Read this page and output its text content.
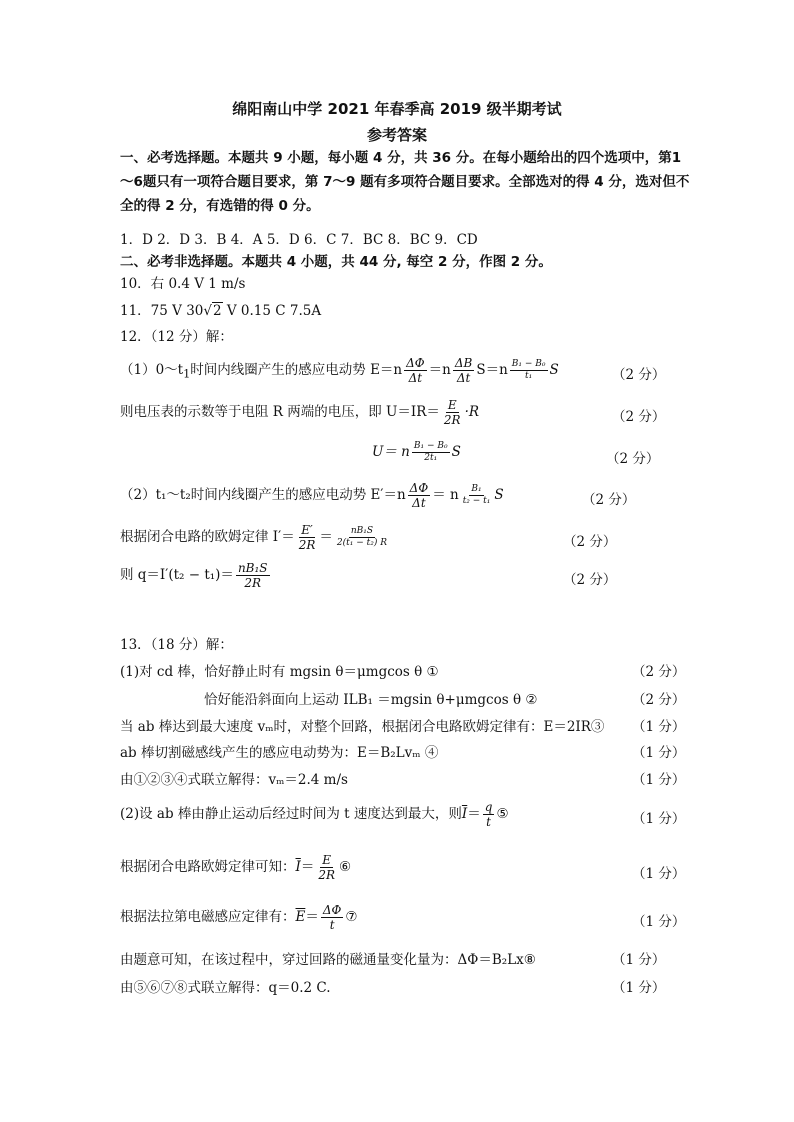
绵阳南山中学 2021 年春季高 2019 级半期考试
参考答案
一、必考选择题。本题共 9 小题，每小题 4 分，共 36 分。在每小题给出的四个选项中，第1～6题只有一项符合题目要求，第 7～9 题有多项符合题目要求。全部选对的得 4 分，选对但不全的得 2 分，有选错的得 0 分。
1．D 2．D 3．B 4．A 5．D 6．C 7．BC 8．BC 9．CD
二、必考非选择题。本题共 4 小题，共 44 分, 每空 2 分，作图 2 分。
10．右 0.4 V 1 m/s
11．75 V 30√2 V 0.15 C 7.5A
12．（12 分）解：
$(1)0\sim t_1$时间内线圈产生的感应电动势 $E=n \frac{\Delta\Phi}{\Delta t} =n \frac{\Delta B}{\Delta t} S=n \frac{\text{B₁ − B₀}}{\text{t₁}}$ S	（2 分）
则电压表的示数等于电阻 R 两端的电压，即 $U=IR= \frac{E}{2R} \cdot R$	（2 分）
U＝ n $\frac{\text{B₁ − B₀}}{\text{2t₁}}$ S	（2 分）
（2）t₁～t₂时间内线圈产生的感应电动势 $E'=n \frac{\Delta\Phi}{\Delta t} = n \frac{\text{B₁}}{\text{t₂ − t₁}}$ S	（2 分）
根据闭合电路的欧姆定律 $I'= \frac{E'}{2R} = \frac{\text{nB₁S}}{\text{2(t₁ − t₂) R}}$	（2 分）
则 $q=I'(t_2 - t_1)= \frac{\text{nB₁S}}{2R}$	（2 分）
13．（18 分）解：
(1)对 cd 棒，恰好静止时有 mgsin θ＝μmgcos θ ①	（2 分）
恰好能沿斜面向上运动 ILB₁ ＝mgsin θ+μmgcos θ ②	（2 分）
当 ab 棒达到最大速度 vₘ时，对整个回路，根据闭合电路欧姆定律有：E＝2IR③ （1 分）
ab 棒切割磁感线产生的感应电动势为：E＝B₂Lvₘ ④	（1 分）
由①②③④式联立解得：vₘ＝2.4 m/s	（1 分）
(2)设 ab 棒由静止运动后经过时间为 t 速度达到最大，则$\overline{I}= \frac{q}{t}$ ⑤	（1 分）
根据闭合电路欧姆定律可知：$\overline{I}= \frac{E}{2R}$ ⑥	（1 分）
根据法拉第电磁感应定律有：$\overline{E}= \frac{\Delta\Phi}{t}$ ⑦	（1 分）
由题意可知，在该过程中，穿过回路的磁通量变化量为：ΔΦ＝B₂Lx⑧	（1 分）
由⑤⑥⑦⑧式联立解得：q＝0.2 C.	（1 分）
